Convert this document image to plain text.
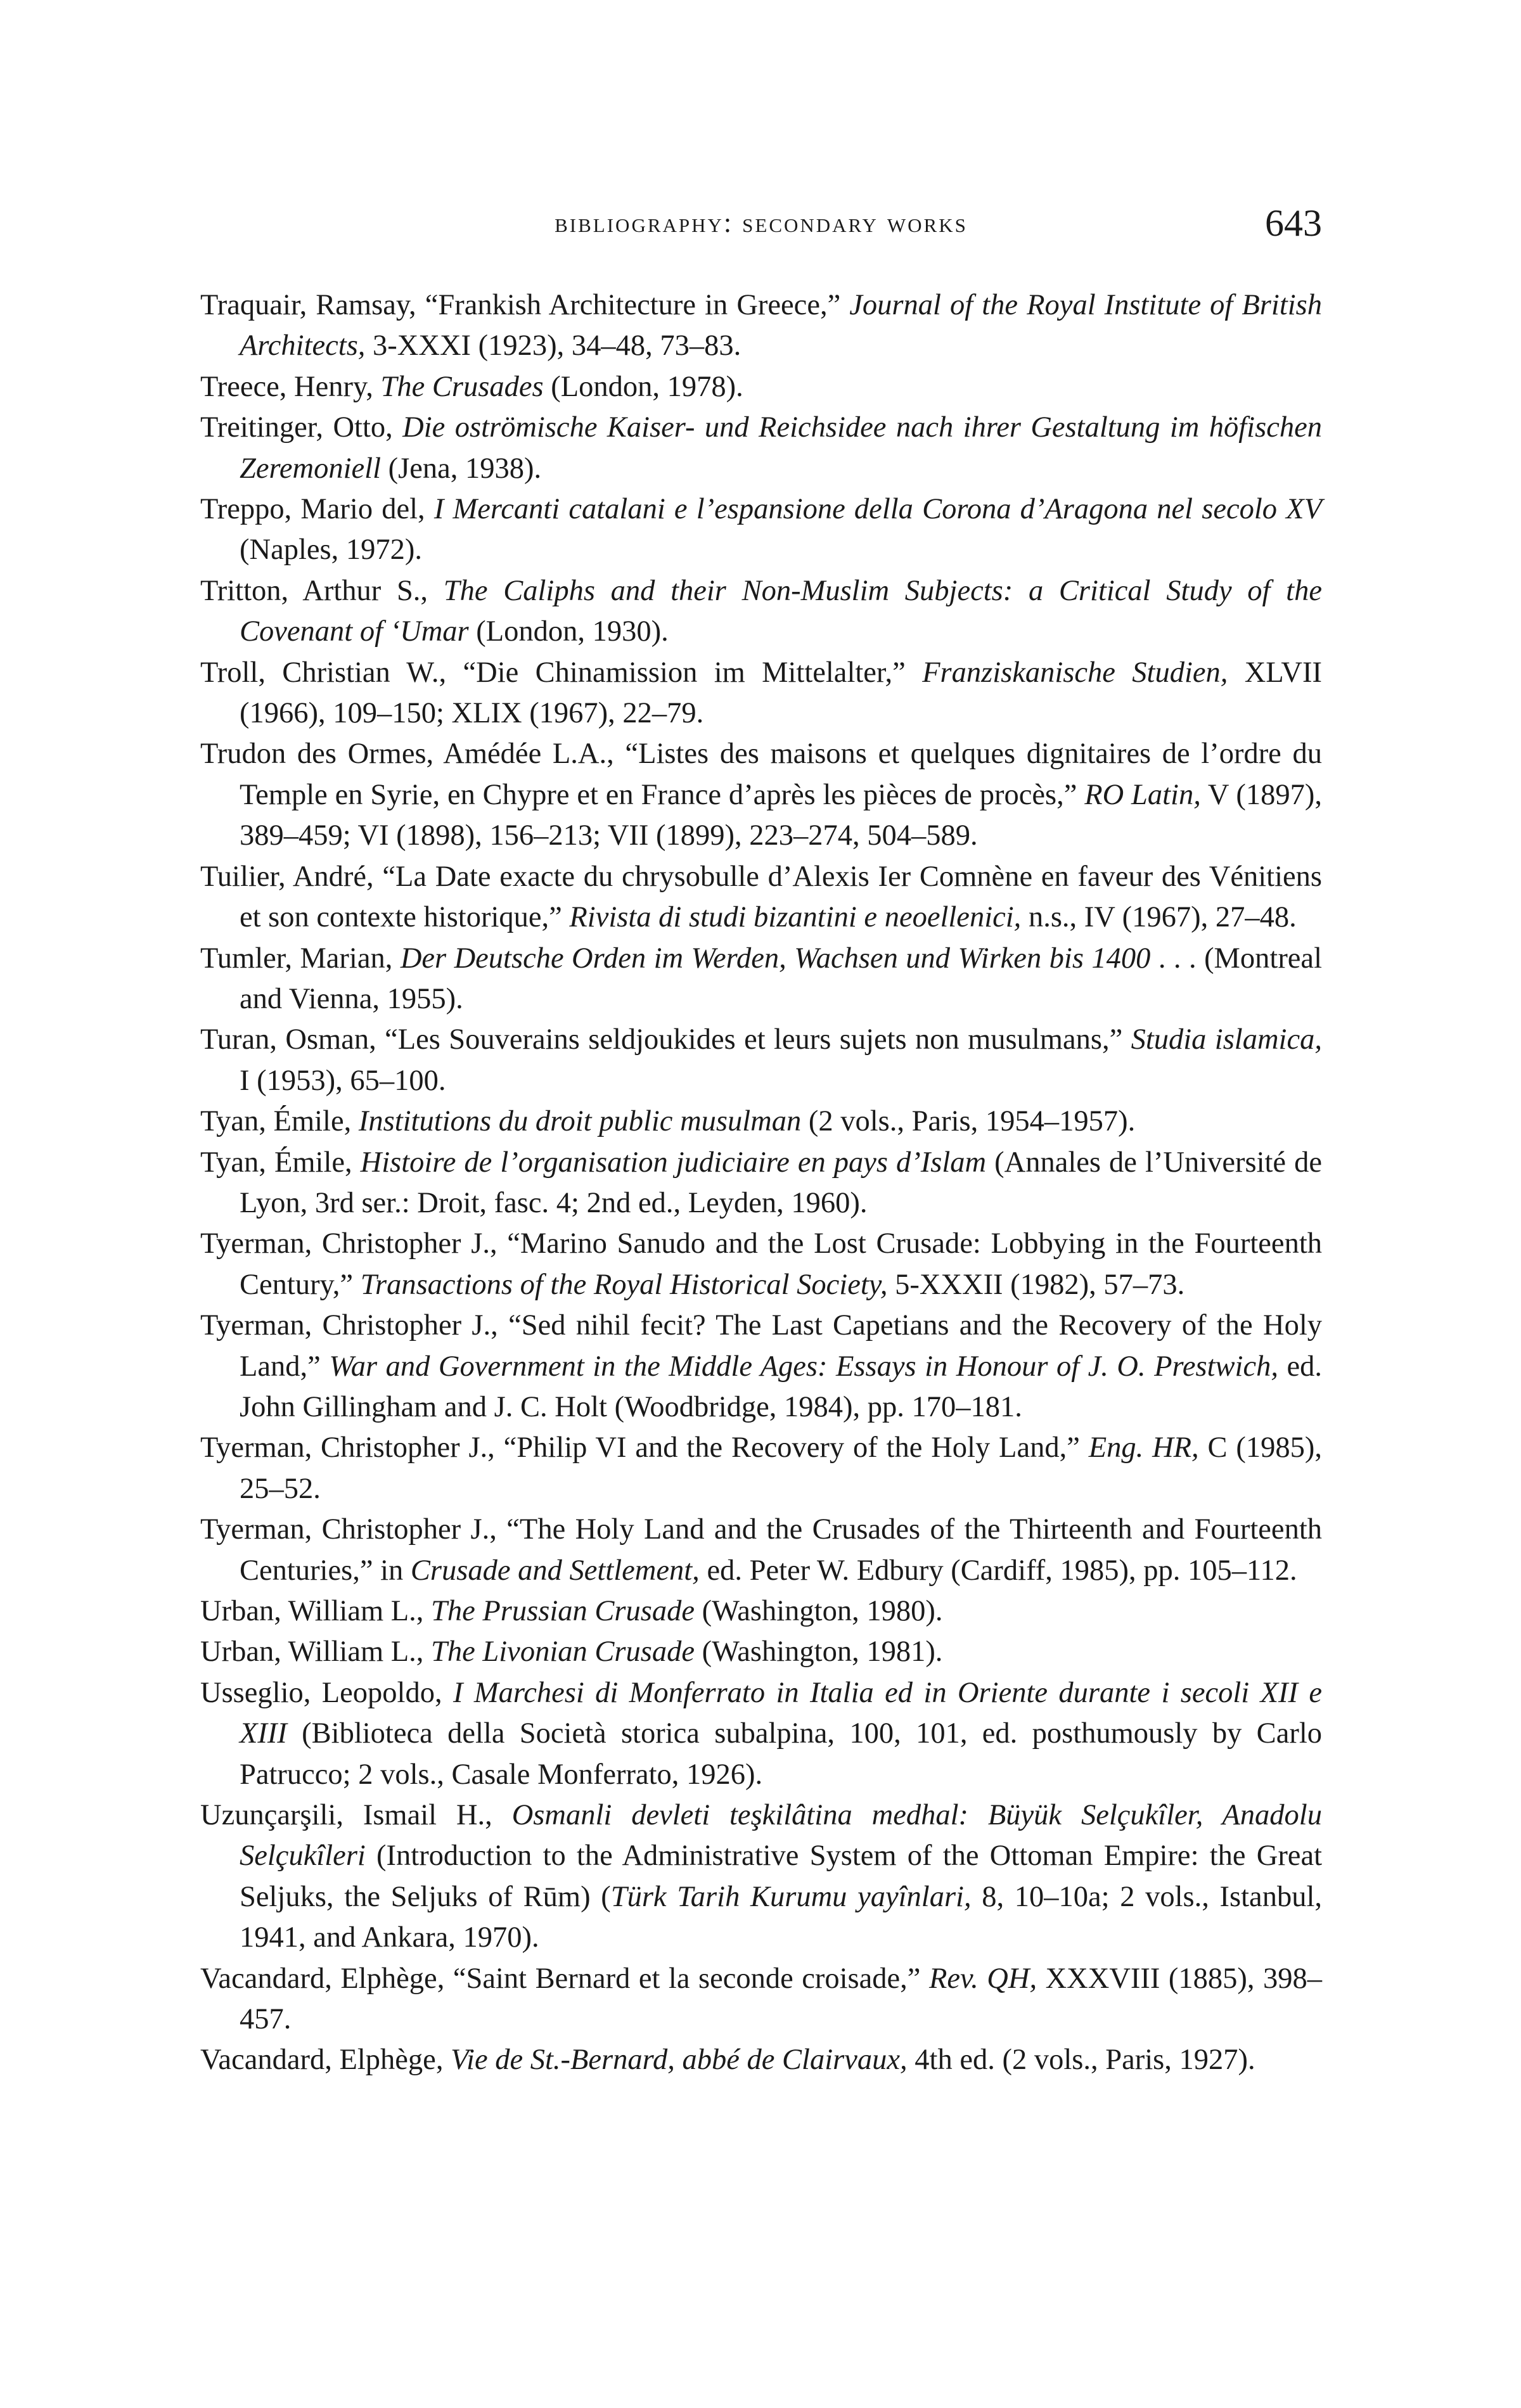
bibliography: secondary works	643
Traquair, Ramsay, “Frankish Architecture in Greece,” Journal of the Royal Institute of British Architects, 3-XXXI (1923), 34–48, 73–83.
Treece, Henry, The Crusades (London, 1978).
Treitinger, Otto, Die oströmische Kaiser- und Reichsidee nach ihrer Gestaltung im höfischen Zeremoniell (Jena, 1938).
Treppo, Mario del, I Mercanti catalani e l’espansione della Corona d’Aragona nel secolo XV (Naples, 1972).
Tritton, Arthur S., The Caliphs and their Non-Muslim Subjects: a Critical Study of the Covenant of ‘Umar (London, 1930).
Troll, Christian W., “Die Chinamission im Mittelalter,” Franziskanische Studien, XLVII (1966), 109–150; XLIX (1967), 22–79.
Trudon des Ormes, Amédée L.A., “Listes des maisons et quelques dignitaires de l’ordre du Temple en Syrie, en Chypre et en France d’après les pièces de procès,” RO Latin, V (1897), 389–459; VI (1898), 156–213; VII (1899), 223–274, 504–589.
Tuilier, André, “La Date exacte du chrysobulle d’Alexis Ier Comnène en faveur des Vénitiens et son contexte historique,” Rivista di studi bizantini e neoellenici, n.s., IV (1967), 27–48.
Tumler, Marian, Der Deutsche Orden im Werden, Wachsen und Wirken bis 1400 . . . (Montreal and Vienna, 1955).
Turan, Osman, “Les Souverains seldjoukides et leurs sujets non musulmans,” Studia islamica, I (1953), 65–100.
Tyan, Émile, Institutions du droit public musulman (2 vols., Paris, 1954–1957).
Tyan, Émile, Histoire de l’organisation judiciaire en pays d’Islam (Annales de l’Université de Lyon, 3rd ser.: Droit, fasc. 4; 2nd ed., Leyden, 1960).
Tyerman, Christopher J., “Marino Sanudo and the Lost Crusade: Lobbying in the Fourteenth Century,” Transactions of the Royal Historical Society, 5-XXXII (1982), 57–73.
Tyerman, Christopher J., “Sed nihil fecit? The Last Capetians and the Recovery of the Holy Land,” War and Government in the Middle Ages: Essays in Honour of J. O. Prestwich, ed. John Gillingham and J. C. Holt (Woodbridge, 1984), pp. 170–181.
Tyerman, Christopher J., “Philip VI and the Recovery of the Holy Land,” Eng. HR, C (1985), 25–52.
Tyerman, Christopher J., “The Holy Land and the Crusades of the Thirteenth and Fourteenth Centuries,” in Crusade and Settlement, ed. Peter W. Edbury (Cardiff, 1985), pp. 105–112.
Urban, William L., The Prussian Crusade (Washington, 1980).
Urban, William L., The Livonian Crusade (Washington, 1981).
Usseglio, Leopoldo, I Marchesi di Monferrato in Italia ed in Oriente durante i secoli XII e XIII (Biblioteca della Società storica subalpina, 100, 101, ed. posthumously by Carlo Patrucco; 2 vols., Casale Monferrato, 1926).
Uzunçarşili, Ismail H., Osmanli devleti teşkilâtina medhal: Büyük Selçukîler, Anadolu Selçukîleri (Introduction to the Administrative System of the Ottoman Empire: the Great Seljuks, the Seljuks of Rūm) (Türk Tarih Kurumu yayînlari, 8, 10–10a; 2 vols., Istanbul, 1941, and Ankara, 1970).
Vacandard, Elphège, “Saint Bernard et la seconde croisade,” Rev. QH, XXXVIII (1885), 398–457.
Vacandard, Elphège, Vie de St.-Bernard, abbé de Clairvaux, 4th ed. (2 vols., Paris, 1927).
